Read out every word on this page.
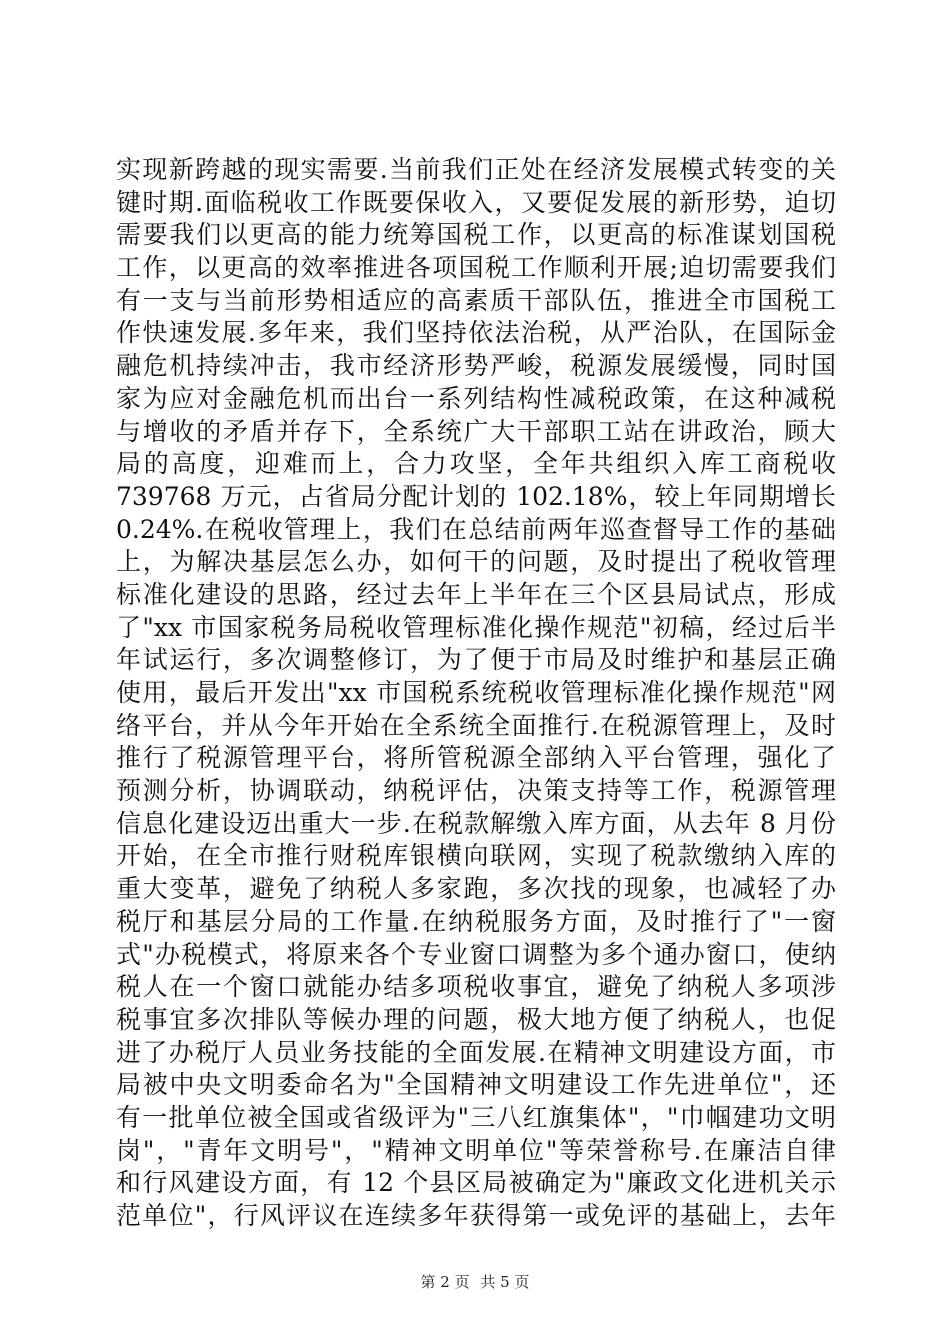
实现新跨越的现实需要.当前我们正处在经济发展模式转变的关
键时期.面临税收工作既要保收入，又要促发展的新形势，迫切
需要我们以更高的能力统筹国税工作，以更高的标准谋划国税
工作，以更高的效率推进各项国税工作顺利开展;迫切需要我们
有一支与当前形势相适应的高素质干部队伍，推进全市国税工
作快速发展.多年来，我们坚持依法治税，从严治队，在国际金
融危机持续冲击，我市经济形势严峻，税源发展缓慢，同时国
家为应对金融危机而出台一系列结构性减税政策，在这种减税
与增收的矛盾并存下，全系统广大干部职工站在讲政治，顾大
局的高度，迎难而上，合力攻坚，全年共组织入库工商税收
739768 万元，占省局分配计划的 102.18%，较上年同期增长
0.24%.在税收管理上，我们在总结前两年巡查督导工作的基础
上，为解决基层怎么办，如何干的问题，及时提出了税收管理
标准化建设的思路，经过去年上半年在三个区县局试点，形成
了"xx 市国家税务局税收管理标准化操作规范"初稿，经过后半
年试运行，多次调整修订，为了便于市局及时维护和基层正确
使用，最后开发出"xx 市国税系统税收管理标准化操作规范"网
络平台，并从今年开始在全系统全面推行.在税源管理上，及时
推行了税源管理平台，将所管税源全部纳入平台管理，强化了
预测分析，协调联动，纳税评估，决策支持等工作，税源管理
信息化建设迈出重大一步.在税款解缴入库方面，从去年 8 月份
开始，在全市推行财税库银横向联网，实现了税款缴纳入库的
重大变革，避免了纳税人多家跑，多次找的现象，也减轻了办
税厅和基层分局的工作量.在纳税服务方面，及时推行了"一窗
式"办税模式，将原来各个专业窗口调整为多个通办窗口，使纳
税人在一个窗口就能办结多项税收事宜，避免了纳税人多项涉
税事宜多次排队等候办理的问题，极大地方便了纳税人，也促
进了办税厅人员业务技能的全面发展.在精神文明建设方面，市
局被中央文明委命名为"全国精神文明建设工作先进单位"，还
有一批单位被全国或省级评为"三八红旗集体"，"巾帼建功文明
岗"，"青年文明号"，"精神文明单位"等荣誉称号.在廉洁自律
和行风建设方面，有 12 个县区局被确定为"廉政文化进机关示
范单位"，行风评议在连续多年获得第一或免评的基础上，去年
第 2 页 共 5 页
